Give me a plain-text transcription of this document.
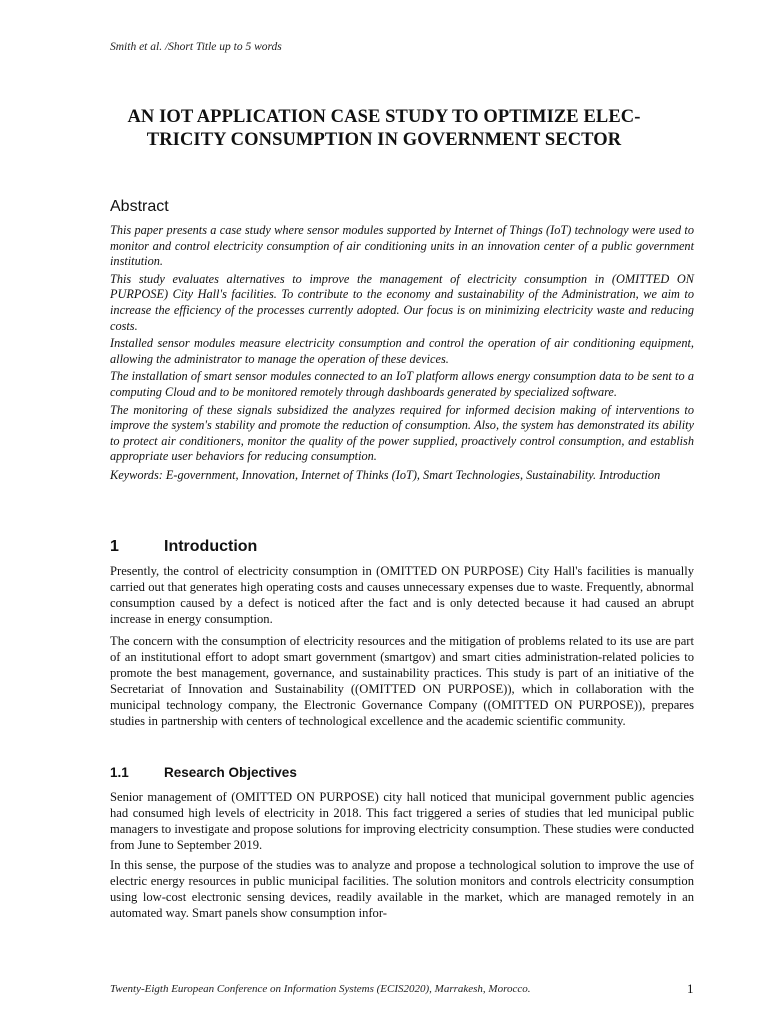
Smith et al. /Short Title up to 5 words
AN IOT APPLICATION CASE STUDY TO OPTIMIZE ELEC-TRICITY CONSUMPTION IN GOVERNMENT SECTOR
Abstract

This paper presents a case study where sensor modules supported by Internet of Things (IoT) technology were used to monitor and control electricity consumption of air conditioning units in an innovation center of a public government institution.

This study evaluates alternatives to improve the management of electricity consumption in (OMITTED ON PURPOSE) City Hall's facilities. To contribute to the economy and sustainability of the Administration, we aim to increase the efficiency of the processes currently adopted. Our focus is on minimizing electricity waste and reducing costs.

Installed sensor modules measure electricity consumption and control the operation of air conditioning equipment, allowing the administrator to manage the operation of these devices.

The installation of smart sensor modules connected to an IoT platform allows energy consumption data to be sent to a computing Cloud and to be monitored remotely through dashboards generated by specialized software.

The monitoring of these signals subsidized the analyzes required for informed decision making of interventions to improve the system's stability and promote the reduction of consumption. Also, the system has demonstrated its ability to protect air conditioners, monitor the quality of the power supplied, proactively control consumption, and establish appropriate user behaviors for reducing consumption.

Keywords: E-government, Innovation, Internet of Thinks (IoT), Smart Technologies, Sustainability. Introduction

1	Introduction

Presently, the control of electricity consumption in (OMITTED ON PURPOSE) City Hall's facilities is manually carried out that generates high operating costs and causes unnecessary expenses due to waste. Frequently, abnormal consumption caused by a defect is noticed after the fact and is only detected because it had caused an abrupt increase in energy consumption.

The concern with the consumption of electricity resources and the mitigation of problems related to its use are part of an institutional effort to adopt smart government (smartgov) and smart cities administration-related policies to promote the best management, governance, and sustainability practices. This study is part of an initiative of the Secretariat of Innovation and Sustainability ((OMITTED ON PURPOSE)), which in collaboration with the municipal technology company, the Electronic Governance Company ((OMITTED ON PURPOSE)), prepares studies in partnership with centers of technological excellence and the academic scientific community.

1.1	Research Objectives

Senior management of (OMITTED ON PURPOSE) city hall noticed that municipal government public agencies had consumed high levels of electricity in 2018. This fact triggered a series of studies that led municipal public managers to investigate and propose solutions for improving electricity consumption. These studies were conducted from June to September 2019.

In this sense, the purpose of the studies was to analyze and propose a technological solution to improve the use of electric energy resources in public municipal facilities. The solution monitors and controls electricity consumption using low-cost electronic sensing devices, readily available in the market, which are managed remotely in an automated way. Smart panels show consumption infor-

Twenty-Eigth European Conference on Information Systems (ECIS2020), Marrakesh, Morocco.	1
